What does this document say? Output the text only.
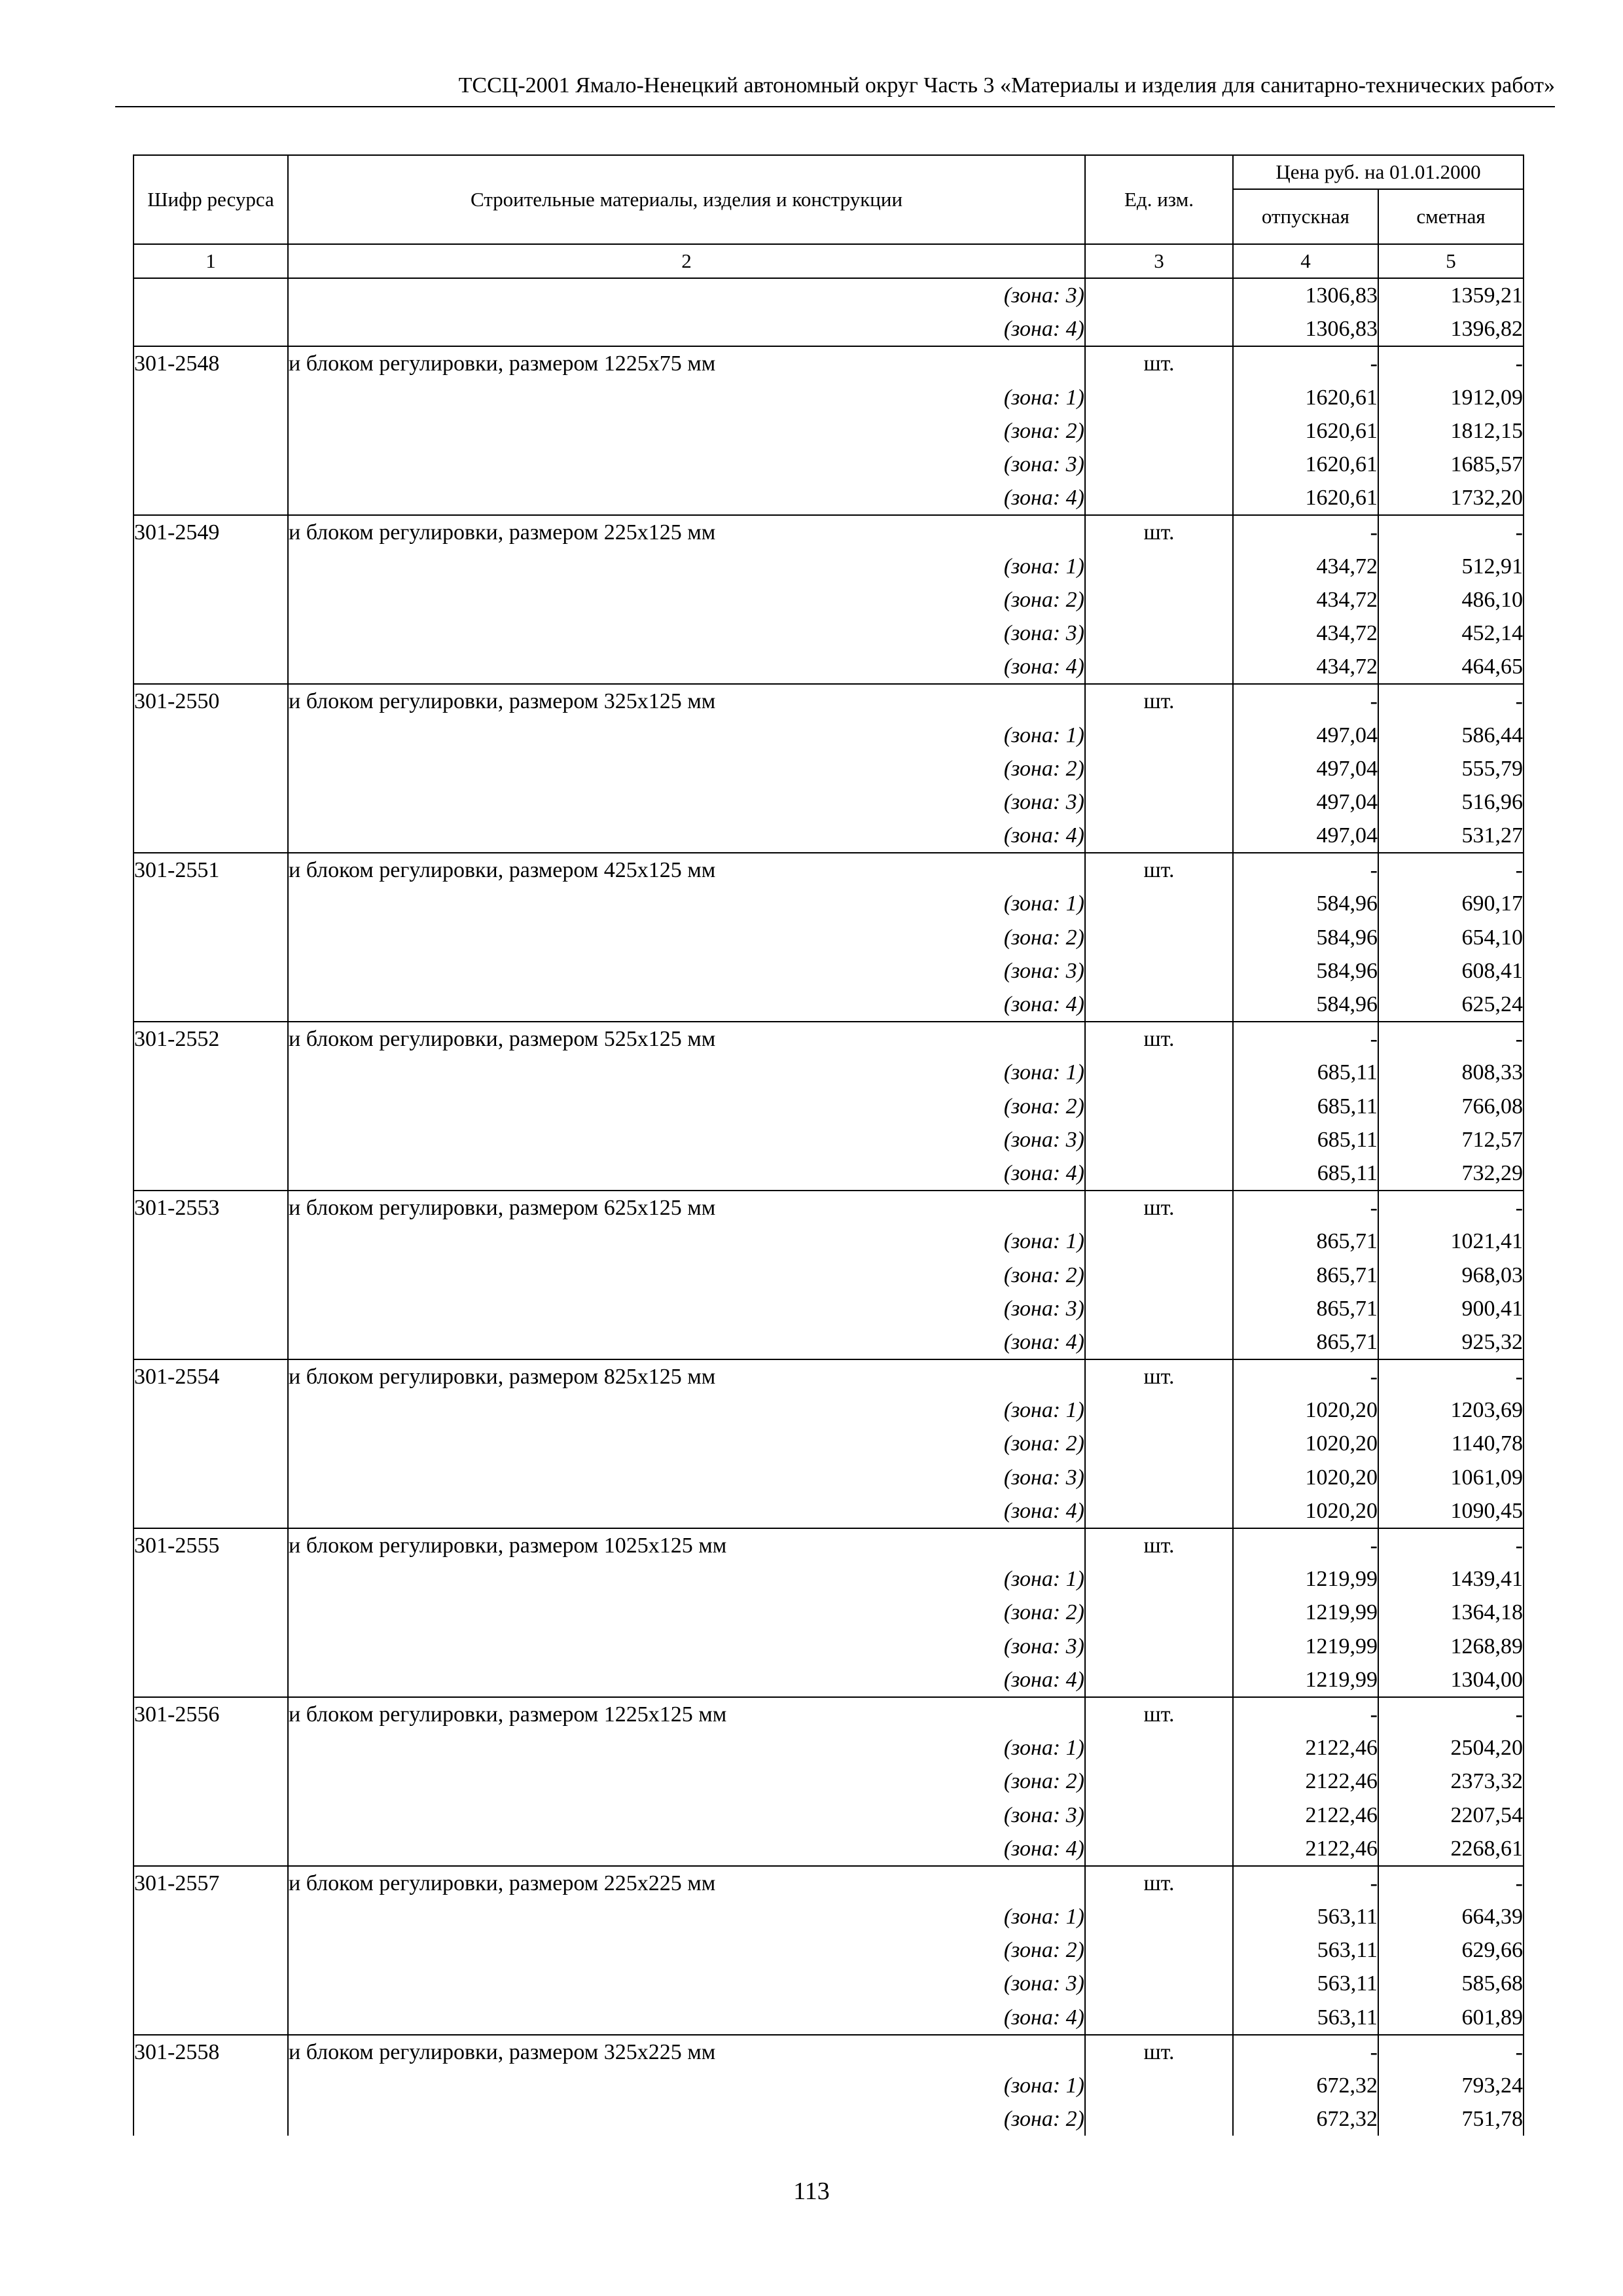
ТССЦ-2001 Ямало-Ненецкий автономный округ Часть 3 «Материалы и изделия для санитарно-технических работ»
Шифр ресурса	Строительные материалы, изделия и конструкции	Ед. изм.	Цена руб. на 01.01.2000	
			отпускная	сметная
1	2	3	4	5
	(зона: 3)		1306,83	1359,21
	(зона: 4)		1306,83	1396,82
301-2548	и блоком регулировки, размером 1225х75 мм	шт.	-	-
	(зона: 1)		1620,61	1912,09
	(зона: 2)		1620,61	1812,15
	(зона: 3)		1620,61	1685,57
	(зона: 4)		1620,61	1732,20
301-2549	и блоком регулировки, размером 225х125 мм	шт.	-	-
	(зона: 1)		434,72	512,91
	(зона: 2)		434,72	486,10
	(зона: 3)		434,72	452,14
	(зона: 4)		434,72	464,65
301-2550	и блоком регулировки, размером 325х125 мм	шт.	-	-
	(зона: 1)		497,04	586,44
	(зона: 2)		497,04	555,79
	(зона: 3)		497,04	516,96
	(зона: 4)		497,04	531,27
301-2551	и блоком регулировки, размером 425х125 мм	шт.	-	-
	(зона: 1)		584,96	690,17
	(зона: 2)		584,96	654,10
	(зона: 3)		584,96	608,41
	(зона: 4)		584,96	625,24
301-2552	и блоком регулировки, размером 525х125 мм	шт.	-	-
	(зона: 1)		685,11	808,33
	(зона: 2)		685,11	766,08
	(зона: 3)		685,11	712,57
	(зона: 4)		685,11	732,29
301-2553	и блоком регулировки, размером 625х125 мм	шт.	-	-
	(зона: 1)		865,71	1021,41
	(зона: 2)		865,71	968,03
	(зона: 3)		865,71	900,41
	(зона: 4)		865,71	925,32
301-2554	и блоком регулировки, размером 825х125 мм	шт.	-	-
	(зона: 1)		1020,20	1203,69
	(зона: 2)		1020,20	1140,78
	(зона: 3)		1020,20	1061,09
	(зона: 4)		1020,20	1090,45
301-2555	и блоком регулировки, размером 1025х125 мм	шт.	-	-
	(зона: 1)		1219,99	1439,41
	(зона: 2)		1219,99	1364,18
	(зона: 3)		1219,99	1268,89
	(зона: 4)		1219,99	1304,00
301-2556	и блоком регулировки, размером 1225х125 мм	шт.	-	-
	(зона: 1)		2122,46	2504,20
	(зона: 2)		2122,46	2373,32
	(зона: 3)		2122,46	2207,54
	(зона: 4)		2122,46	2268,61
301-2557	и блоком регулировки, размером 225х225 мм	шт.	-	-
	(зона: 1)		563,11	664,39
	(зона: 2)		563,11	629,66
	(зона: 3)		563,11	585,68
	(зона: 4)		563,11	601,89
301-2558	и блоком регулировки, размером 325х225 мм	шт.	-	-
	(зона: 1)		672,32	793,24
	(зона: 2)		672,32	751,78
113
